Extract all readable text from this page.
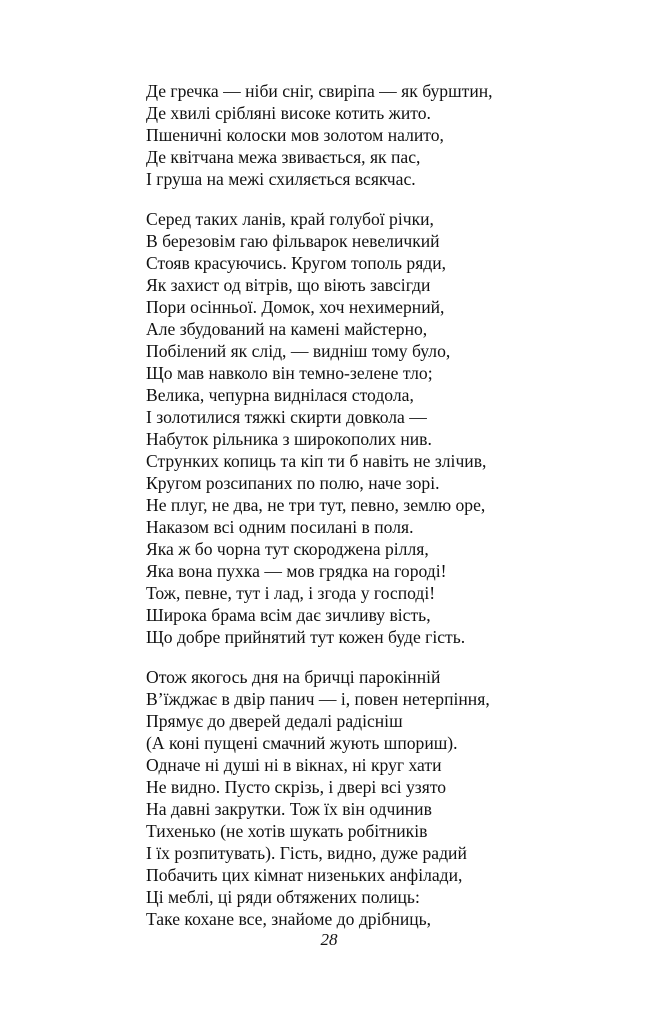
Де гречка — ніби сніг, свиріпа — як бурштин,
Де хвилі срібляні високе котить жито.
Пшеничні колоски мов золотом налито,
Де квітчана межа звивається, як пас,
І груша на межі схиляється всякчас.
Серед таких ланів, край голубої річки,
В березовім гаю фільварок невеличкий
Стояв красуючись. Кругом тополь ряди,
Як захист од вітрів, що віють завсігди
Пори осінньої. Домок, хоч нехимерний,
Але збудований на камені майстерно,
Побілений як слід, — видніш тому було,
Що мав навколо він темно-зелене тло;
Велика, чепурна виднілася стодола,
І золотилися тяжкі скирти довкола —
Набуток рільника з широкополих нив.
Стрункиx копиць та кіп ти б навіть не злічив,
Кругом розсипаних по полю, наче зорі.
Не плуг, не два, не три тут, певно, землю оре,
Наказом всі одним посилані в поля.
Яка ж бо чорна тут скороджена рілля,
Яка вона пухка — мов грядка на городі!
Тож, певне, тут і лад, і згода у господі!
Широка брама всім дає зичливу вість,
Що добре прийнятий тут кожен буде гість.
Отож якогось дня на бричці парокінній
В’їжджає в двір панич — і, повен нетерпіння,
Прямує до дверей дедалі радісніш
(А коні пущені смачний жують шпориш).
Одначе ні душі ні в вікнах, ні круг хати
Не видно. Пусто скрізь, і двері всі узято
На давні закрутки. Тож їх він одчинив
Тихенько (не хотів шукать робітників
І їх розпитувать). Гість, видно, дуже радий
Побачить цих кімнат низеньких анфілади,
Ці меблі, ці ряди обтяжених полиць:
Таке кохане все, знайоме до дрібниць,
28
